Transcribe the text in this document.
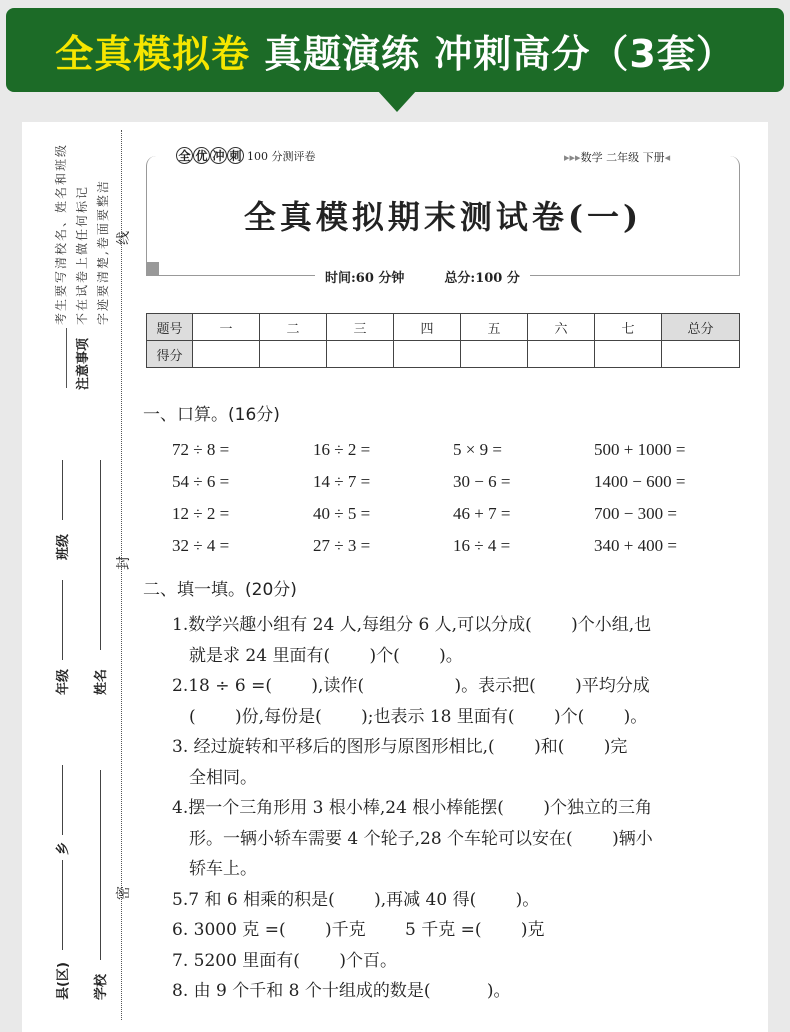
全真模拟卷 真题演练 冲刺高分（3套）
考生要写清校名、姓名和班级 不在试卷上做任何标记 字迹要清楚,卷面要整洁
注意事项
线
封
密
县(区)
乡
学校
年级
班级
姓名
全 优 冲 刺 100 分测评卷	▸▸▸数学 二年级 下册◂
全真模拟期末测试卷(一)
时间:60 分钟	总分:100 分
题号	一	二	三	四	五	六	七	总分
得分								
一、口算。(16分)
72 ÷ 8 =	16 ÷ 2 =	5 × 9 =	500 + 1000 =
54 ÷ 6 =	14 ÷ 7 =	30 − 6 =	1400 − 600 =
12 ÷ 2 =	40 ÷ 5 =	46 + 7 =	700 − 300 =
32 ÷ 4 =	27 ÷ 3 =	16 ÷ 4 =	340 + 400 =
二、填一填。(20分)
1.数学兴趣小组有 24 人,每组分 6 人,可以分成(　　 )个小组,也
　就是求 24 里面有(　　 )个(　　 )。
2.18 ÷ 6 =(　　 ),读作(　　　　　 )。表示把(　　 )平均分成
　(　　 )份,每份是(　　 );也表示 18 里面有(　　 )个(　　 )。
3. 经过旋转和平移后的图形与原图形相比,(　　 )和(　　 )完
　全相同。
4.摆一个三角形用 3 根小棒,24 根小棒能摆(　　 )个独立的三角
　形。一辆小轿车需要 4 个轮子,28 个车轮可以安在(　　 )辆小
　轿车上。
5.7 和 6 相乘的积是(　　 ),再减 40 得(　　 )。
6. 3000 克 =(　　 )千克　　 5 千克 =(　　 )克
7. 5200 里面有(　　 )个百。
8. 由 9 个千和 8 个十组成的数是(　　　 )。
